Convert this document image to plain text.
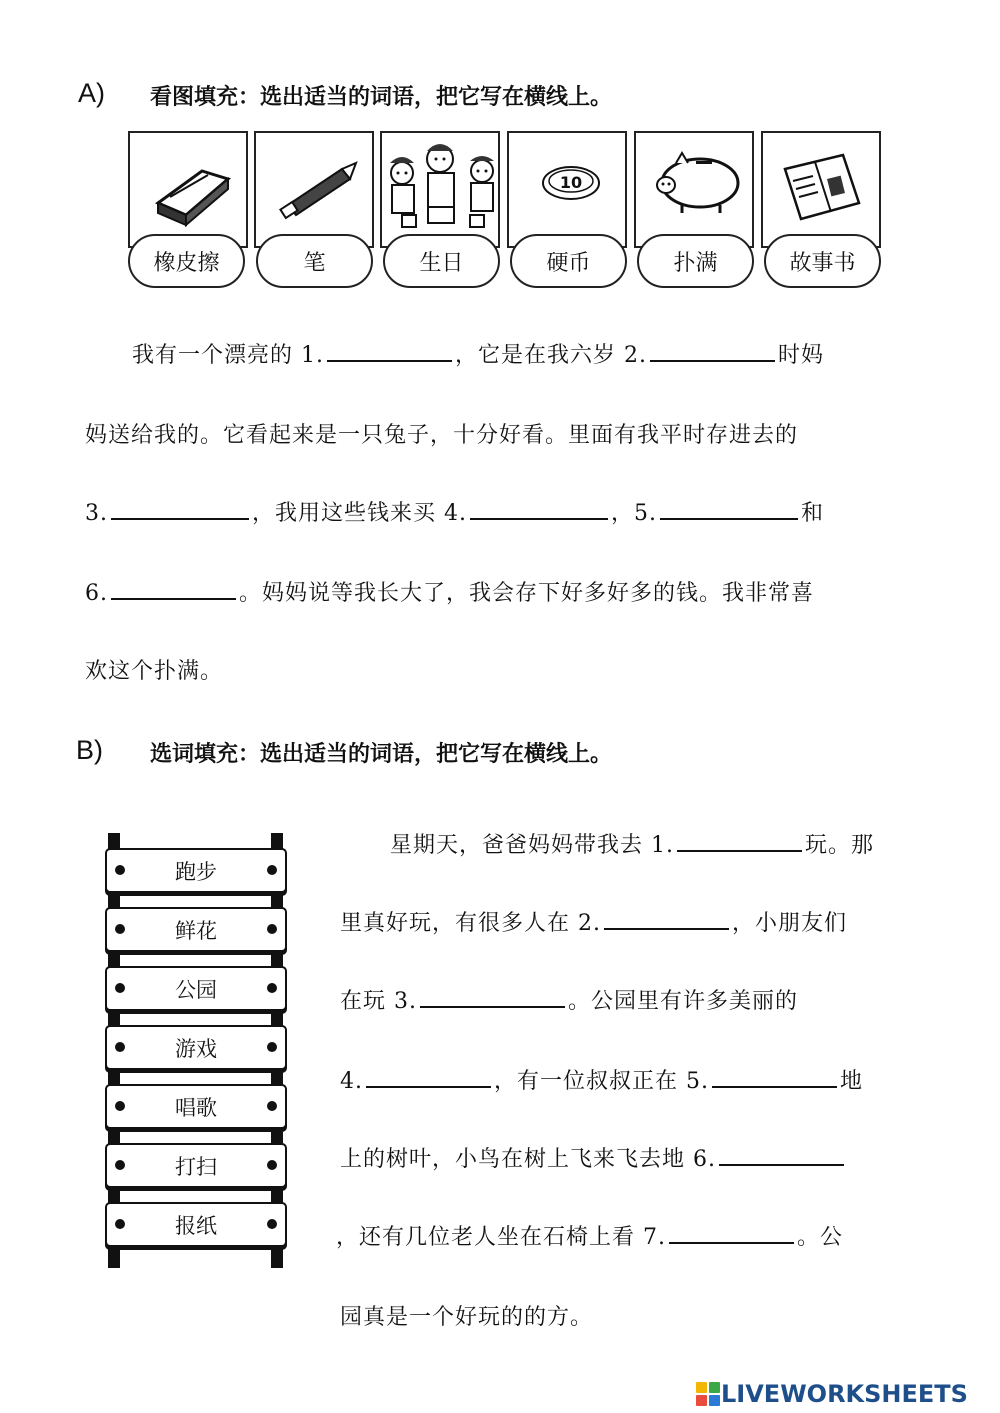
A) 看图填充：选出适当的词语，把它写在横线上。
10
橡皮擦	笔	生日	硬币	扑满	故事书
我有一个漂亮的 1.	，它是在我六岁 2.	时妈
妈送给我的。它看起来是一只兔子，十分好看。里面有我平时存进去的
3.	，我用这些钱来买 4.	，5.	和
6.	。妈妈说等我长大了，我会存下好多好多的钱。我非常喜
欢这个扑满。
B) 选词填充：选出适当的词语，把它写在横线上。
跑步
鲜花
公园
游戏
唱歌
打扫
报纸
星期天，爸爸妈妈带我去 1.	玩。那
里真好玩，有很多人在 2.	，小朋友们
在玩 3.	。公园里有许多美丽的
4.	，有一位叔叔正在 5.	地
上的树叶，小鸟在树上飞来飞去地 6.
，还有几位老人坐在石椅上看 7.	。公
园真是一个好玩的的方。
LIVEWORKSHEETS
